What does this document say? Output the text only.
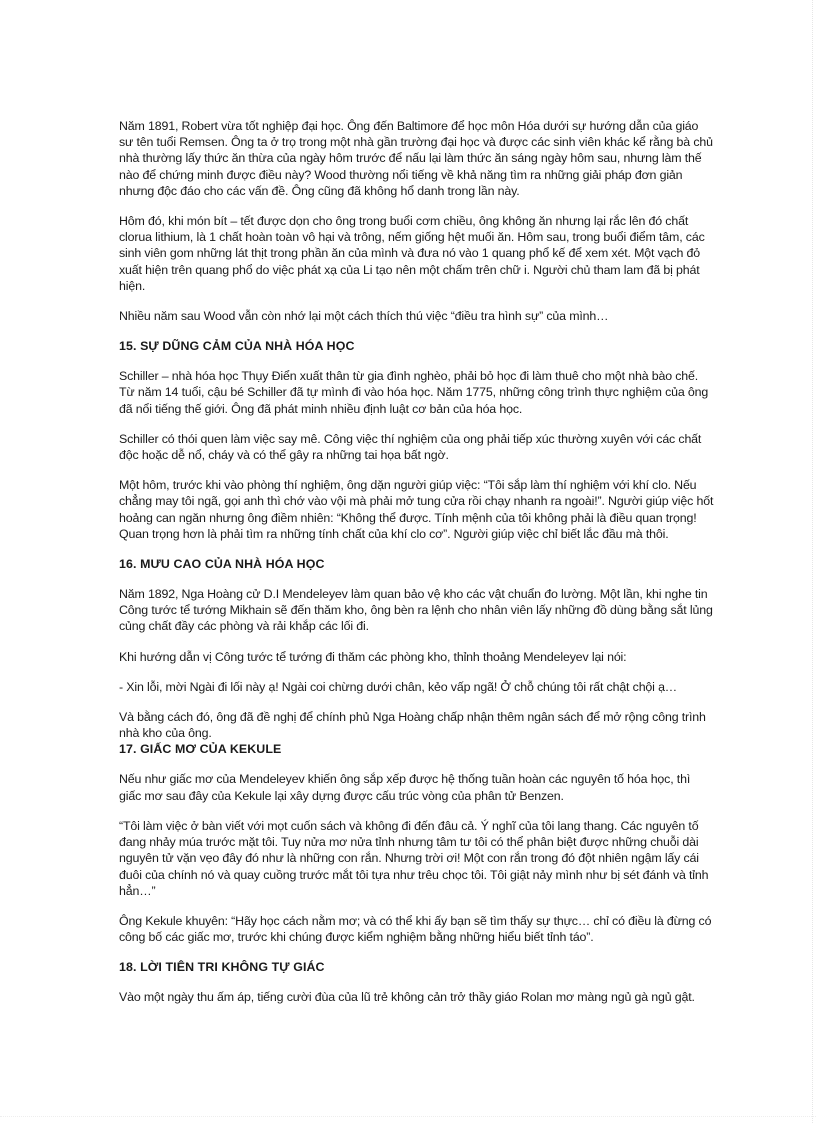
Năm 1891, Robert vừa tốt nghiệp đại học. Ông đến Baltimore để học môn Hóa dưới sự hướng dẫn của giáo sư tên tuổi Remsen. Ông ta ở trọ trong một nhà gần trường đại học và được các sinh viên khác kể rằng bà chủ nhà thường lấy thức ăn thừa của ngày hôm trước để nấu lại làm thức ăn sáng ngày hôm sau, nhưng làm thế nào để chứng minh được điều này? Wood thường nổi tiếng về khả năng tìm ra những giải pháp đơn giản nhưng độc đáo cho các vấn đề. Ông cũng đã không hổ danh trong lần này.

Hôm đó, khi món bít – tết được dọn cho ông trong buổi cơm chiều, ông không ăn nhưng lại rắc lên đó chất clorua lithium, là 1 chất hoàn toàn vô hại và trông, nếm giống hệt muối ăn. Hôm sau, trong buổi điểm tâm, các sinh viên gom những lát thịt trong phần ăn của mình và đưa nó vào 1 quang phổ kế để xem xét. Một vạch đỏ xuất hiện trên quang phổ do việc phát xạ của Li tạo nên một chấm trên chữ i. Người chủ tham lam đã bị phát hiện.

Nhiều năm sau Wood vẫn còn nhớ lại một cách thích thú việc “điều tra hình sự” của mình…

15. SỰ DŨNG CẢM CỦA NHÀ HÓA HỌC

Schiller – nhà hóa học Thụy Điển xuất thân từ gia đình nghèo, phải bỏ học đi làm thuê cho một nhà bào chế. Từ năm 14 tuổi, cậu bé Schiller đã tự mình đi vào hóa học. Năm 1775, những công trình thực nghiệm của ông đã nổi tiếng thế giới. Ông đã phát minh nhiều định luật cơ bản của hóa học.

Schiller có thói quen làm việc say mê. Công việc thí nghiệm của ong phải tiếp xúc thường xuyên với các chất độc hoặc dễ nổ, cháy và có thể gây ra những tai họa bất ngờ.

Một hôm, trước khi vào phòng thí nghiệm, ông dặn người giúp việc: “Tôi sắp làm thí nghiệm với khí clo. Nếu chẳng may tôi ngã, gọi anh thì chớ vào vội mà phải mở tung cửa rồi chạy nhanh ra ngoài!”. Người giúp việc hốt hoảng can ngăn nhưng ông điềm nhiên: “Không thể được. Tính mệnh của tôi không phải là điều quan trọng! Quan trọng hơn là phải tìm ra những tính chất của khí clo cơ”. Người giúp việc chỉ biết lắc đầu mà thôi.

16. MƯU CAO CỦA NHÀ HÓA HỌC

Năm 1892, Nga Hoàng cử D.I Mendeleyev làm quan bảo vệ kho các vật chuẩn đo lường. Một lần, khi nghe tin Công tước tể tướng Mikhain sẽ đến thăm kho, ông bèn ra lệnh cho nhân viên lấy những đồ dùng bằng sắt lủng củng chất đầy các phòng và rải khắp các lối đi.

Khi hướng dẫn vị Công tước tể tướng đi thăm các phòng kho, thỉnh thoảng Mendeleyev lại nói:

- Xin lỗi, mời Ngài đi lối này ạ! Ngài coi chừng dưới chân, kẻo vấp ngã! Ở chỗ chúng tôi rất chật chội ạ…

Và bằng cách đó, ông đã đề nghị để chính phủ Nga Hoàng chấp nhận thêm ngân sách để mở rộng công trình nhà kho của ông.

17. GIẤC MƠ CỦA KEKULE

Nếu như giấc mơ của Mendeleyev khiến ông sắp xếp được hệ thống tuần hoàn các nguyên tố hóa học, thì giấc mơ sau đây của Kekule lại xây dựng được cấu trúc vòng của phân tử Benzen.

“Tôi làm việc ở bàn viết với mọt cuốn sách và không đi đến đâu cả. Ý nghĩ của tôi lang thang. Các nguyên tố đang nhảy múa trước mặt tôi. Tuy nửa mơ nửa tỉnh nhưng tâm tư tôi có thể phân biệt được những chuỗi dài nguyên tử vặn vẹo đây đó như là những con rắn. Nhưng trời ơi! Một con rắn trong đó đột nhiên ngậm lấy cái đuôi của chính nó và quay cuồng trước mắt tôi tựa như trêu chọc tôi. Tôi giật nảy mình như bị sét đánh và tỉnh hẳn…”

Ông Kekule khuyên: “Hãy học cách nằm mơ; và có thể khi ấy bạn sẽ tìm thấy sự thực… chỉ có điều là đừng có công bố các giấc mơ, trước khi chúng được kiểm nghiệm bằng những hiểu biết tỉnh táo”.

18. LỜI TIÊN TRI KHÔNG TỰ GIÁC

Vào một ngày thu ấm áp, tiếng cười đùa của lũ trẻ không cản trở thầy giáo Rolan mơ màng ngủ gà ngủ gật.
